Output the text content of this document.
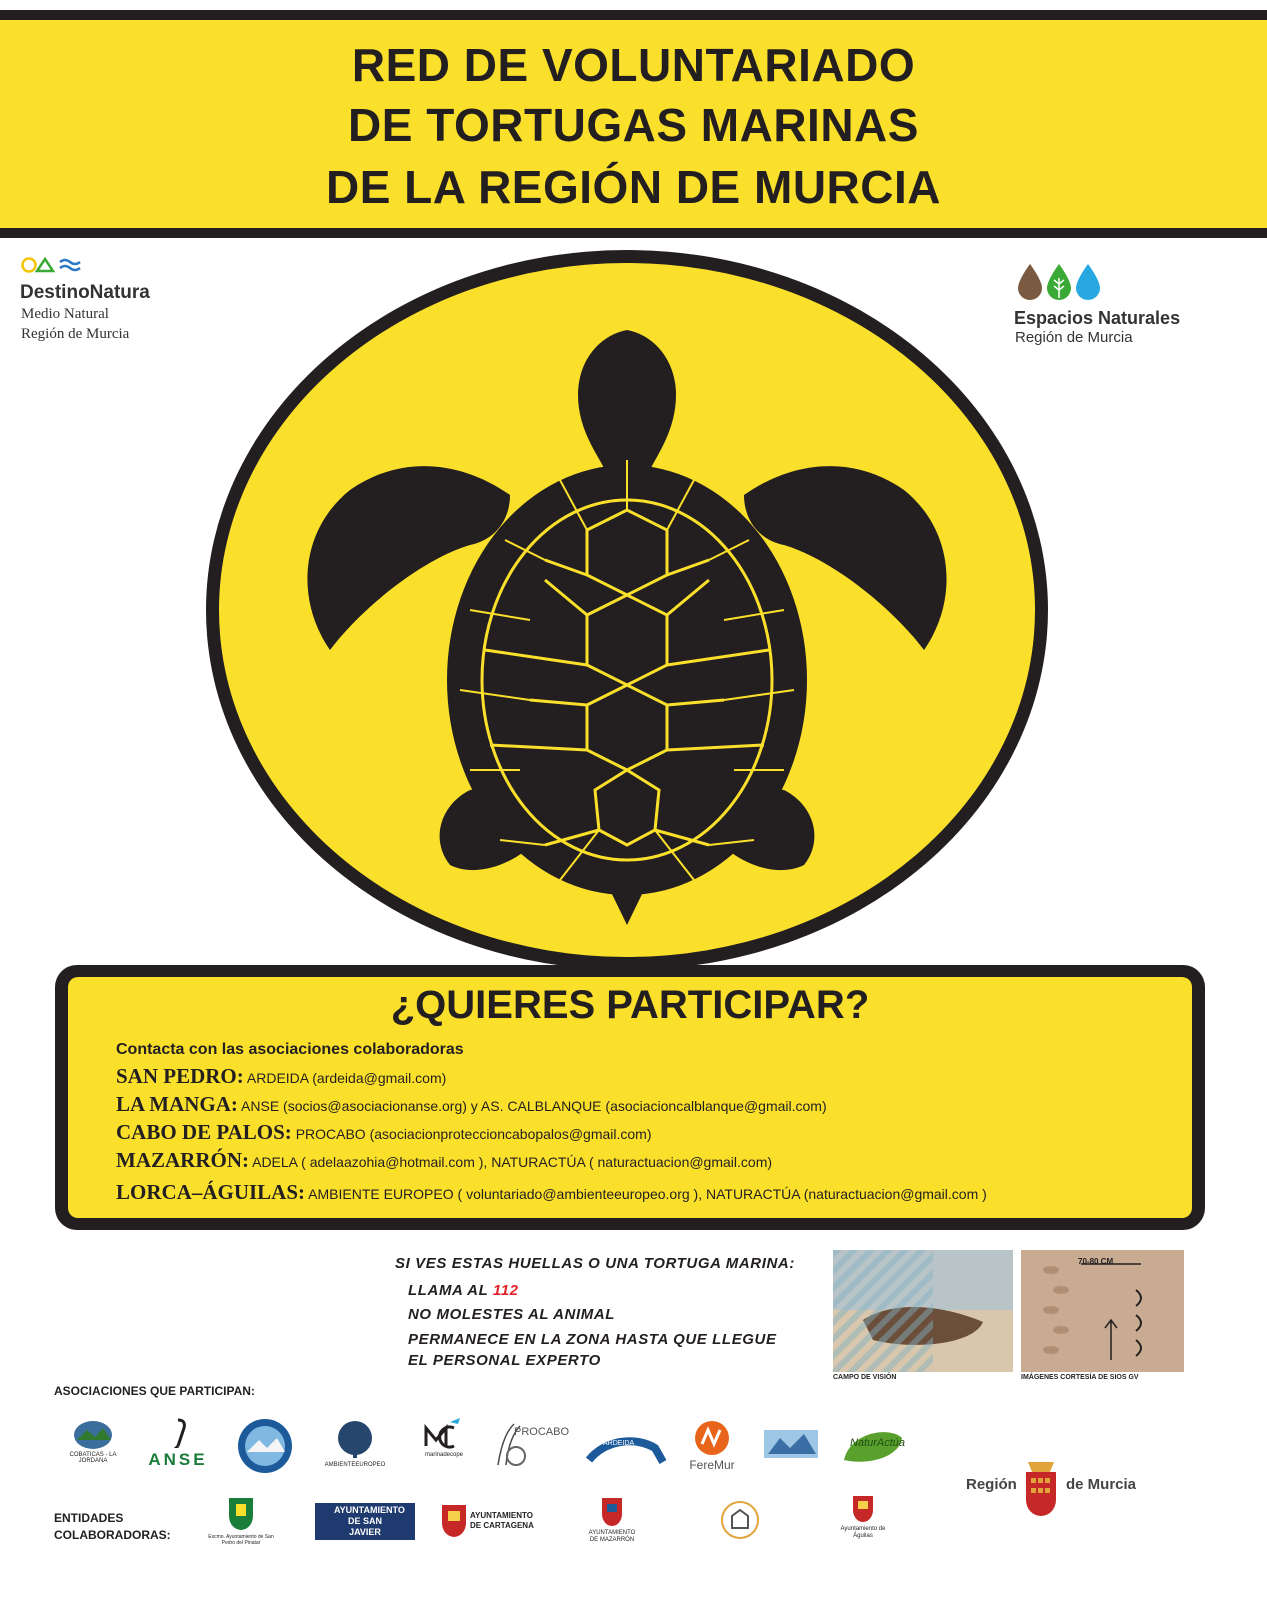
RED DE VOLUNTARIADO
DE TORTUGAS MARINAS
DE LA REGIÓN DE MURCIA
DestinoNatura
Medio Natural
Región de Murcia
Espacios Naturales
Región de Murcia
¿QUIERES PARTICIPAR?
Contacta con las asociaciones colaboradoras
SAN PEDRO: ARDEIDA (ardeida@gmail.com)
LA MANGA: ANSE (socios@asociacionanse.org) y AS. CALBLANQUE (asociacioncalblanque@gmail.com)
CABO DE PALOS: PROCABO (asociacionproteccioncabopalos@gmail.com)
MAZARRÓN: ADELA ( adelaazohia@hotmail.com ), NATURACTÚA ( naturactuacion@gmail.com)
LORCA–ÁGUILAS: AMBIENTE EUROPEO ( voluntariado@ambienteeuropeo.org ), NATURACTÚA (naturactuacion@gmail.com )
SI VES ESTAS HUELLAS O UNA TORTUGA MARINA:
LLAMA AL 112
NO MOLESTES AL ANIMAL
PERMANECE EN LA ZONA HASTA QUE LLEGUE
EL PERSONAL EXPERTO
CAMPO DE VISIÓN
70-80 CM
IMÁGENES CORTESÍA DE SIOS GV
ASOCIACIONES QUE PARTICIPAN:
COBATICAS - LA JORDANA	ANSE	AMBIENTEEUROPEO
marinadecope
PROCABO
ARDEIDA
FereMur
NaturActúa
ENTIDADES
COLABORADORAS:	Excmo. Ayuntamiento de San Pedro del Pinatar
AYUNTAMIENTO DE SAN JAVIER
AYUNTAMIENTO DE CARTAGENA
AYUNTAMIENTO DE MAZARRÓN
Ayuntamiento de Águilas
Región	de Murcia
